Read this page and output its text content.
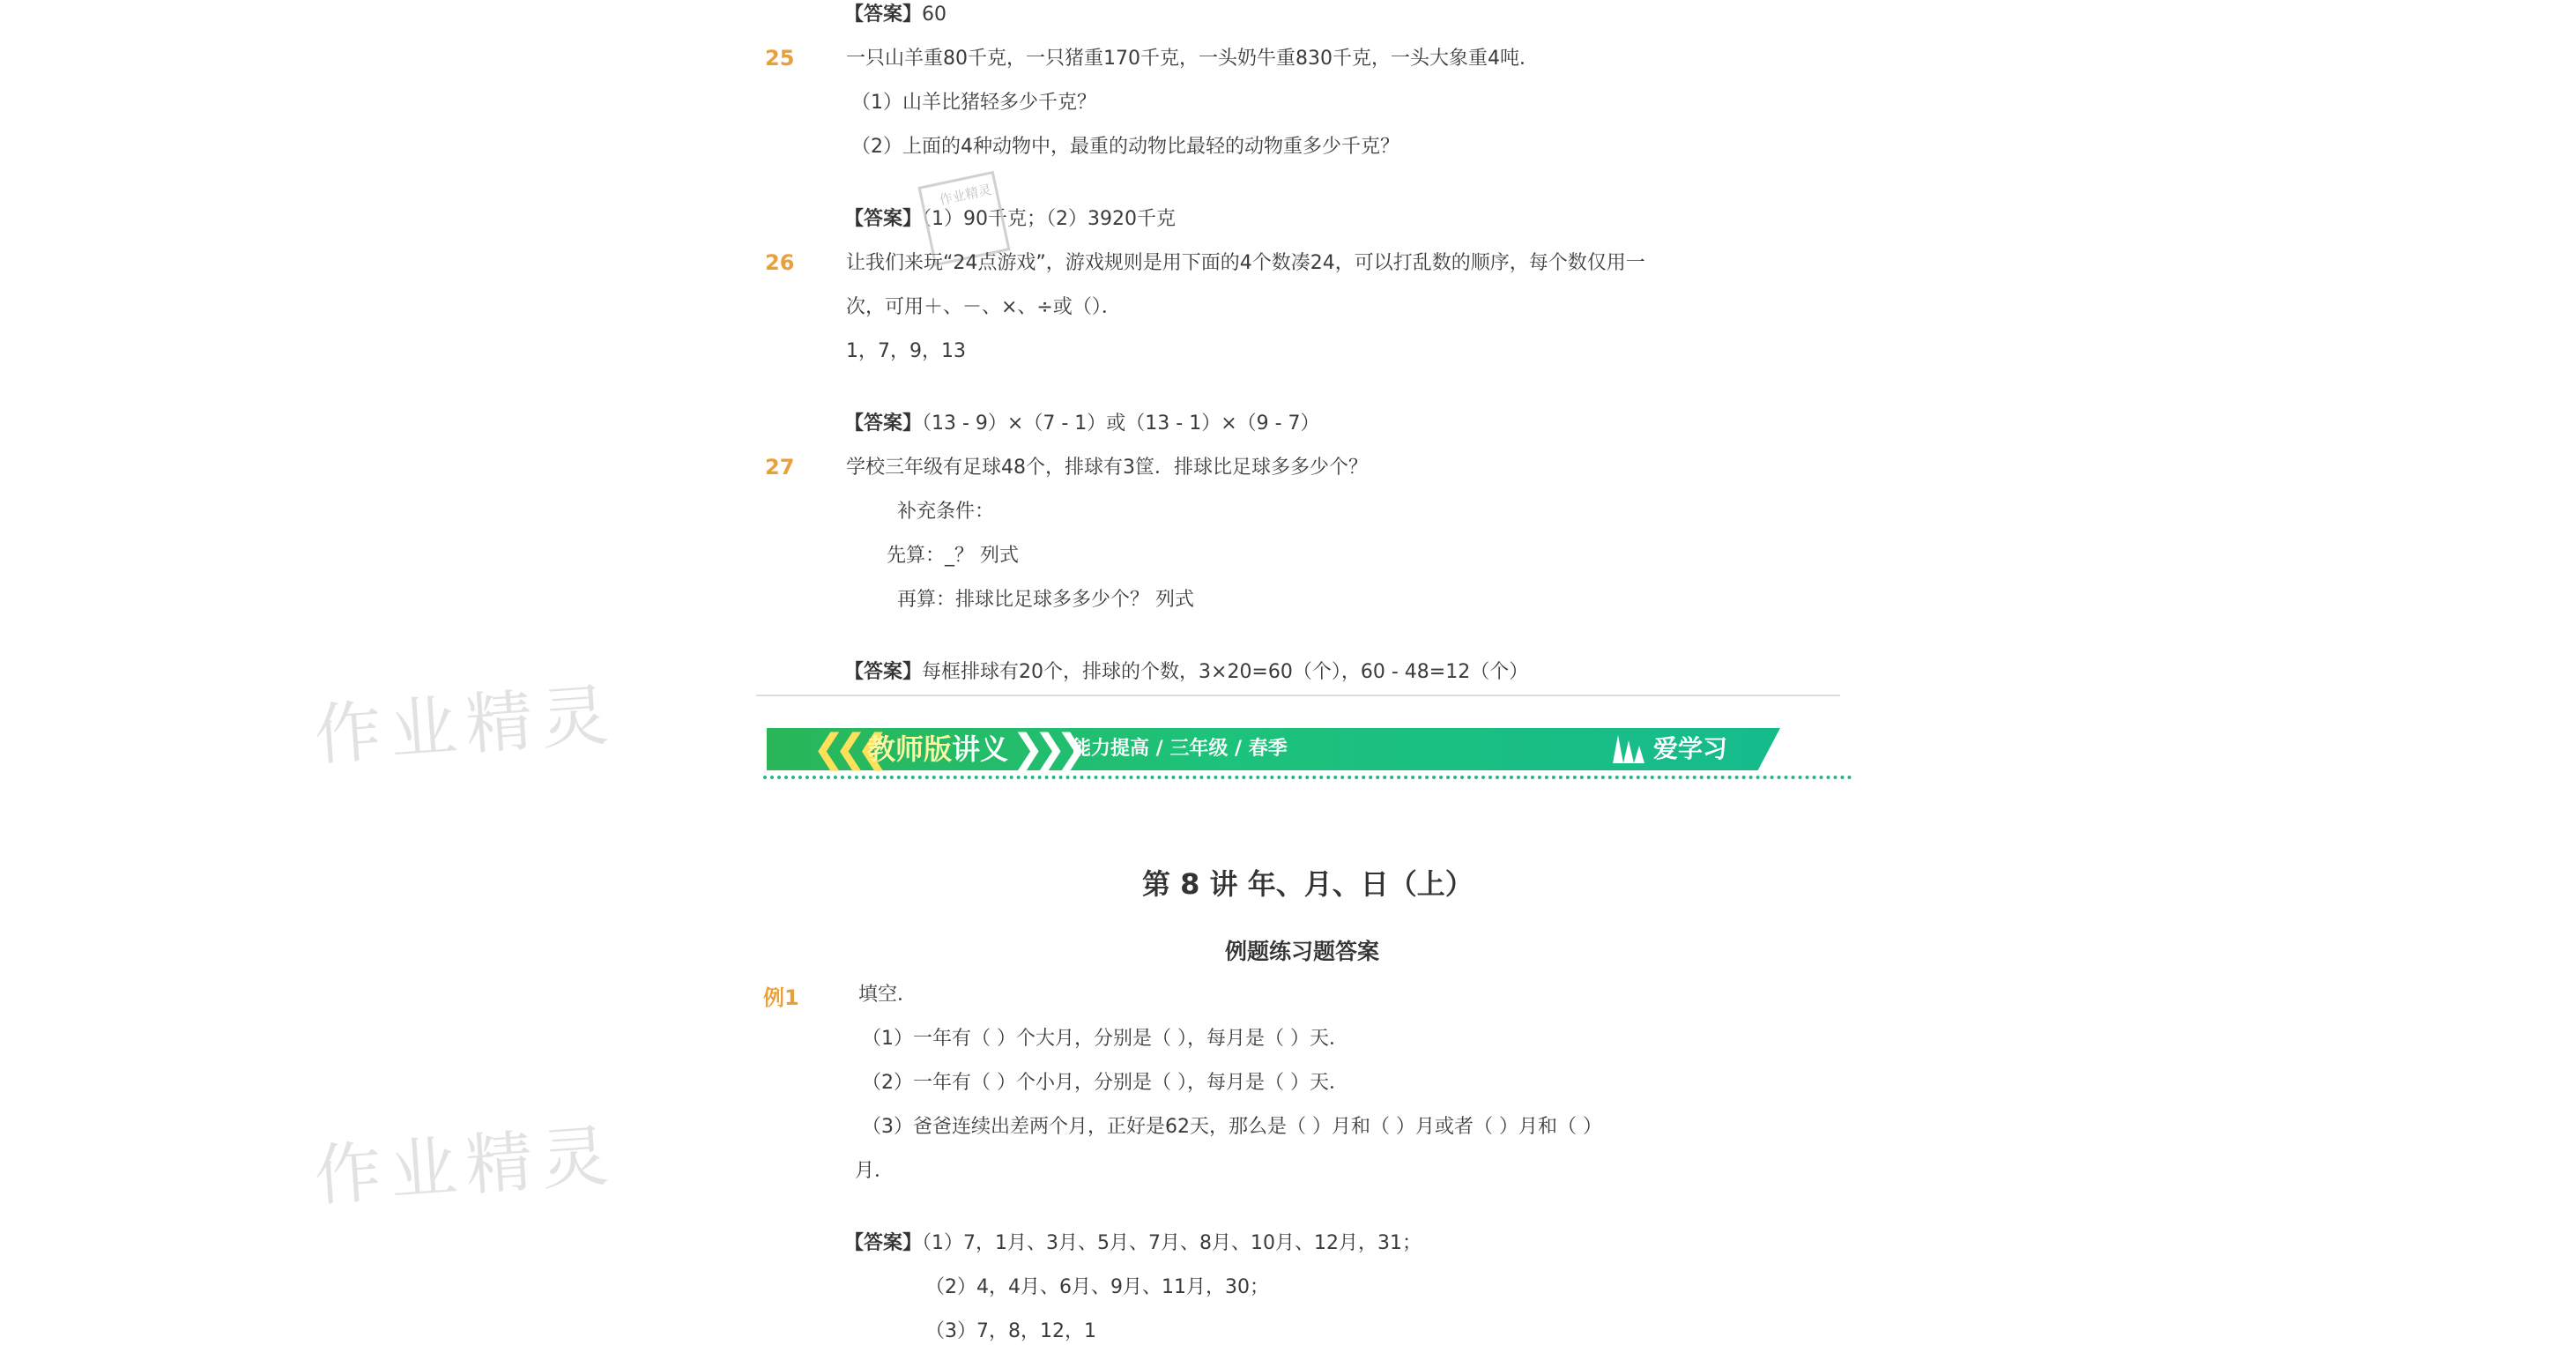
作业精灵
作业精灵
【答案】60
25	一只山羊重80千克，一只猪重170千克，一头奶牛重830千克，一头大象重4吨．
（1）山羊比猪轻多少千克？
（2）上面的4种动物中，最重的动物比最轻的动物重多少千克？
【答案】（1）90千克；（2）3920千克
作业精灵
26	让我们来玩“24点游戏”，游戏规则是用下面的4个数凑24，可以打乱数的顺序，每个数仅用一
次，可用＋、－、×、÷或（）．
1，7，9，13
【答案】（13 - 9）×（7 - 1）或（13 - 1）×（9 - 7）
27	学校三年级有足球48个，排球有3筐．排球比足球多多少个？
补充条件：
先算：_？ 列式
再算：排球比足球多多少个？ 列式
【答案】每框排球有20个，排球的个数，3×20=60（个），60 - 48=12（个）
❮❮❮
教师版讲义 ❯❯❯
能力提高 / 三年级 / 春季	爱学习
第 8 讲 年、月、日（上）
例题练习题答案
例1	填空．
（1）一年有（ ）个大月，分别是（ ），每月是（ ）天．
（2）一年有（ ）个小月，分别是（ ），每月是（ ）天．
（3）爸爸连续出差两个月，正好是62天，那么是（ ）月和（ ）月或者（ ）月和（ ）
月．
【答案】（1）7，1月、3月、5月、7月、8月、10月、12月，31；
（2）4，4月、6月、9月、11月，30；
（3）7，8，12，1
